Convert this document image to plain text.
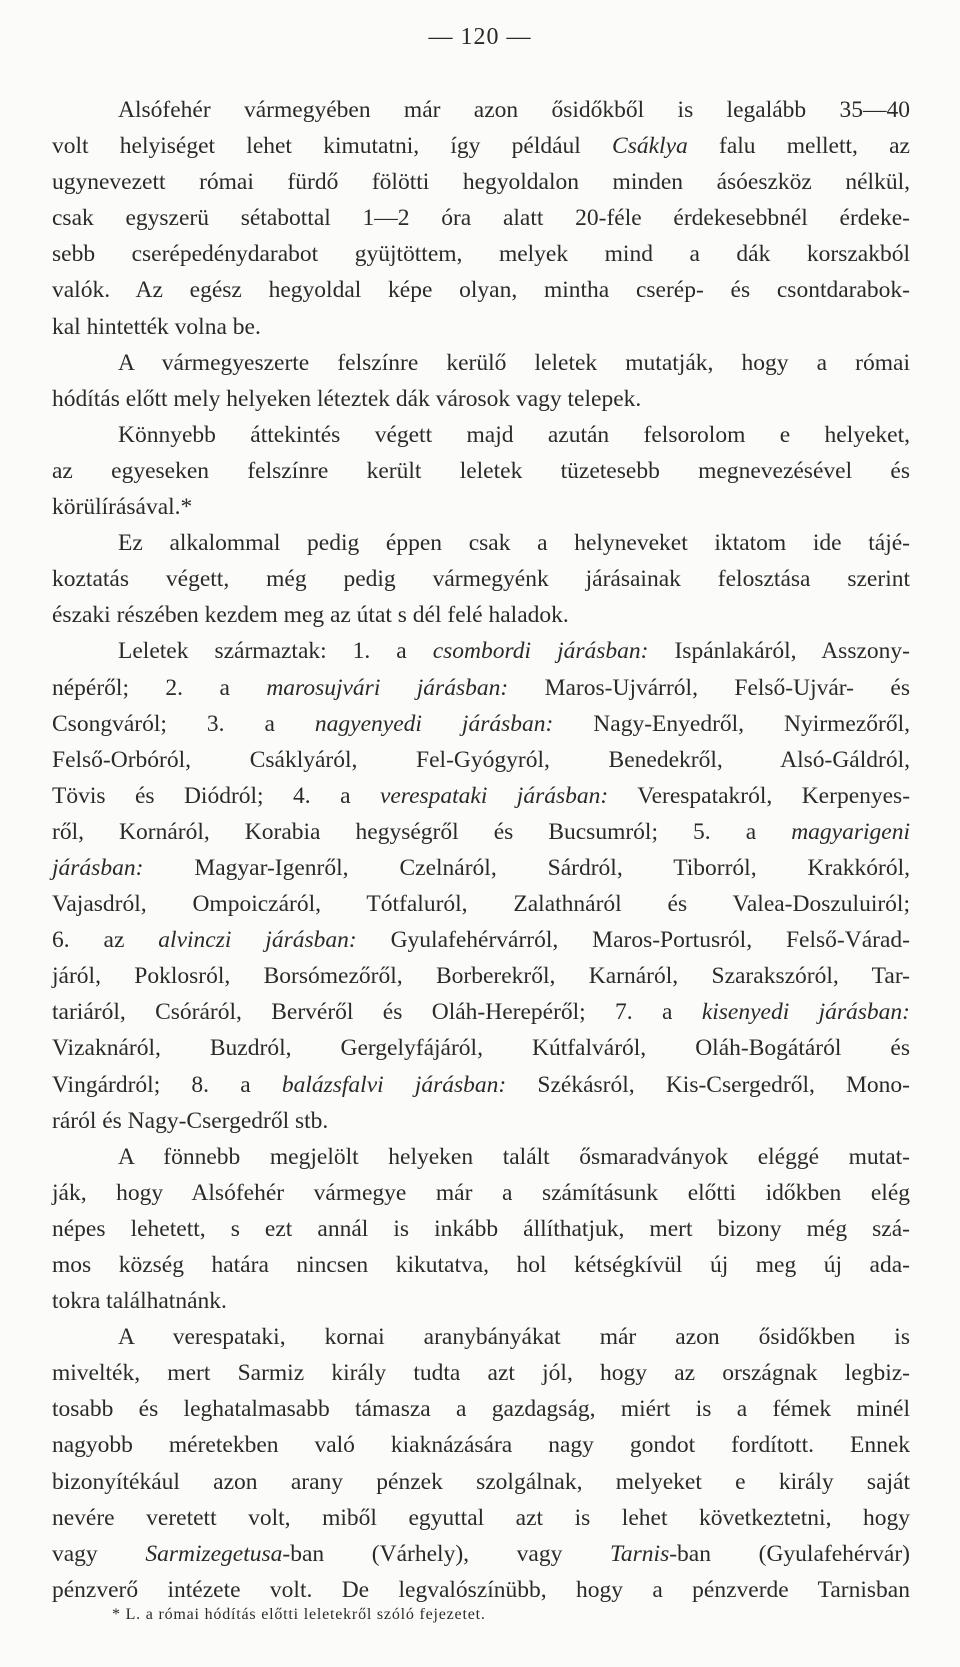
— 120 —
Alsófehér vármegyében már azon ősidőkből is legalább 35—40
volt helyiséget lehet kimutatni, így például Csáklya falu mellett, az
ugynevezett római fürdő fölötti hegyoldalon minden ásóeszköz nélkül,
csak egyszerü sétabottal 1—2 óra alatt 20-féle érdekesebbnél érdeke-
sebb cserépedénydarabot gyüjtöttem, melyek mind a dák korszakból
valók. Az egész hegyoldal képe olyan, mintha cserép- és csontdarabok-
kal hintették volna be.
A vármegyeszerte felszínre kerülő leletek mutatják, hogy a római
hódítás előtt mely helyeken léteztek dák városok vagy telepek.
Könnyebb áttekintés végett majd azután felsorolom e helyeket,
az egyeseken felszínre került leletek tüzetesebb megnevezésével és
körülírásával.*
Ez alkalommal pedig éppen csak a helyneveket iktatom ide tájé-
koztatás végett, még pedig vármegyénk járásainak felosztása szerint
északi részében kezdem meg az útat s dél felé haladok.
Leletek származtak: 1. a csombordi járásban: Ispánlakáról, Asszony-
népéről; 2. a marosujvári járásban: Maros-Ujvárról, Felső-Ujvár- és
Csongváról; 3. a nagyenyedi járásban: Nagy-Enyedről, Nyirmezőről,
Felső-Orbóról, Csáklyáról, Fel-Gyógyról, Benedekről, Alsó-Gáldról,
Tövis és Diódról; 4. a verespataki járásban: Verespatakról, Kerpenyes-
ről, Kornáról, Korabia hegységről és Bucsumról; 5. a magyarigeni
járásban: Magyar-Igenről, Czelnáról, Sárdról, Tiborról, Krakkóról,
Vajasdról, Ompoiczáról, Tótfaluról, Zalathnáról és Valea-Doszuluiról;
6. az alvinczi járásban: Gyulafehérvárról, Maros-Portusról, Felső-Várad-
járól, Poklosról, Borsómezőről, Borberekről, Karnáról, Szarakszóról, Tar-
tariáról, Csóráról, Bervéről és Oláh-Herepéről; 7. a kisenyedi járásban:
Vizaknáról, Buzdról, Gergelyfájáról, Kútfalváról, Oláh-Bogátáról és
Vingárdról; 8. a balázsfalvi járásban: Székásról, Kis-Csergedről, Mono-
ráról és Nagy-Csergedről stb.
A fönnebb megjelölt helyeken talált ősmaradványok eléggé mutat-
ják, hogy Alsófehér vármegye már a számításunk előtti időkben elég
népes lehetett, s ezt annál is inkább állíthatjuk, mert bizony még szá-
mos község határa nincsen kikutatva, hol kétségkívül új meg új ada-
tokra találhatnánk.
A verespataki, kornai aranybányákat már azon ősidőkben is
mivelték, mert Sarmiz király tudta azt jól, hogy az országnak legbiz-
tosabb és leghatalmasabb támasza a gazdagság, miért is a fémek minél
nagyobb méretekben való kiaknázására nagy gondot fordított. Ennek
bizonyítékául azon arany pénzek szolgálnak, melyeket e király saját
nevére veretett volt, miből egyuttal azt is lehet következtetni, hogy
vagy Sarmizegetusa-ban (Várhely), vagy Tarnis-ban (Gyulafehérvár)
pénzverő intézete volt. De legvalószínübb, hogy a pénzverde Tarnisban
* L. a római hódítás előtti leletekről szóló fejezetet.
